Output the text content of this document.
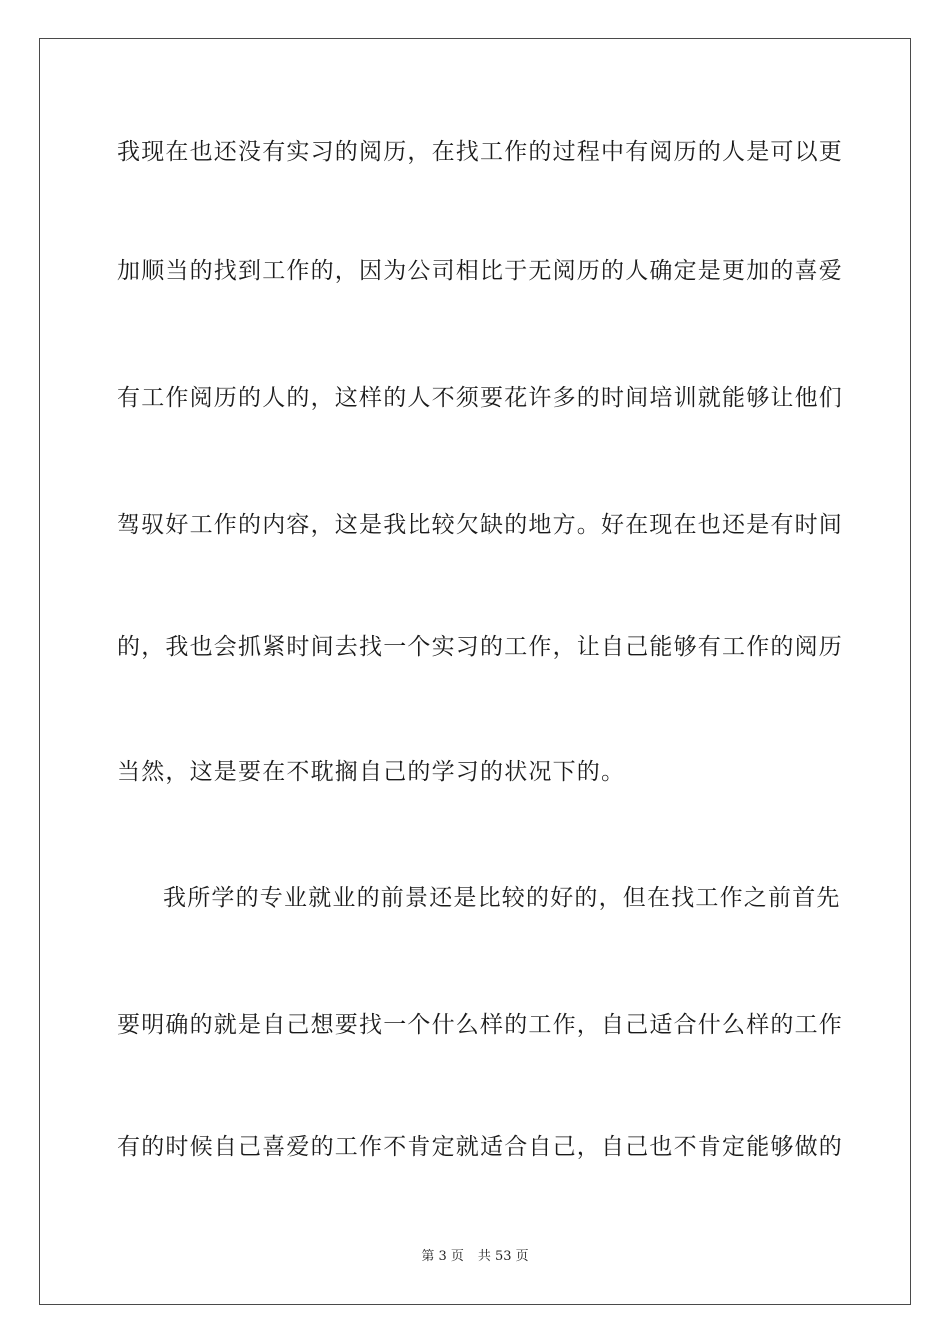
我现在也还没有实习的阅历，在找工作的过程中有阅历的人是可以更
加顺当的找到工作的，因为公司相比于无阅历的人确定是更加的喜爱
有工作阅历的人的，这样的人不须要花许多的时间培训就能够让他们
驾驭好工作的内容，这是我比较欠缺的地方。好在现在也还是有时间
的，我也会抓紧时间去找一个实习的工作，让自己能够有工作的阅历
当然，这是要在不耽搁自己的学习的状况下的。
我所学的专业就业的前景还是比较的好的，但在找工作之前首先
要明确的就是自己想要找一个什么样的工作，自己适合什么样的工作
有的时候自己喜爱的工作不肯定就适合自己，自己也不肯定能够做的
第 3 页 共 53 页
